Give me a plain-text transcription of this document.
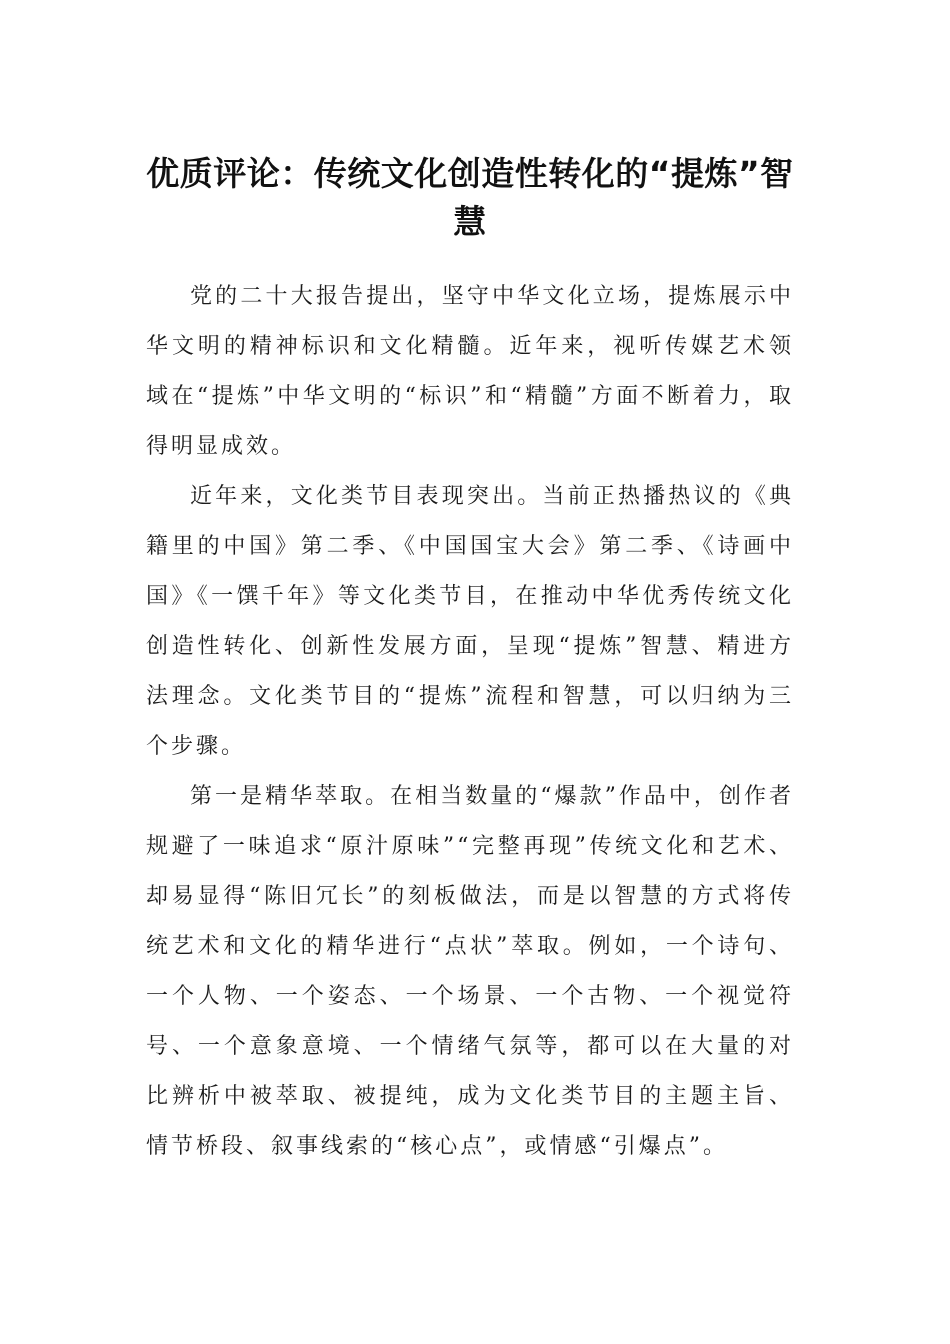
优质评论：传统文化创造性转化的“提炼”智慧

党的二十大报告提出，坚守中华文化立场，提炼展示中华文明的精神标识和文化精髓。近年来，视听传媒艺术领域在“提炼”中华文明的“标识”和“精髓”方面不断着力，取得明显成效。

近年来，文化类节目表现突出。当前正热播热议的《典籍里的中国》第二季、《中国国宝大会》第二季、《诗画中国》《一馔千年》等文化类节目，在推动中华优秀传统文化创造性转化、创新性发展方面，呈现“提炼”智慧、精进方法理念。文化类节目的“提炼”流程和智慧，可以归纳为三个步骤。

第一是精华萃取。在相当数量的“爆款”作品中，创作者规避了一味追求“原汁原味”“完整再现”传统文化和艺术、却易显得“陈旧冗长”的刻板做法，而是以智慧的方式将传统艺术和文化的精华进行“点状”萃取。例如，一个诗句、一个人物、一个姿态、一个场景、一个古物、一个视觉符号、一个意象意境、一个情绪气氛等，都可以在大量的对比辨析中被萃取、被提纯，成为文化类节目的主题主旨、情节桥段、叙事线索的“核心点”，或情感“引爆点”。
